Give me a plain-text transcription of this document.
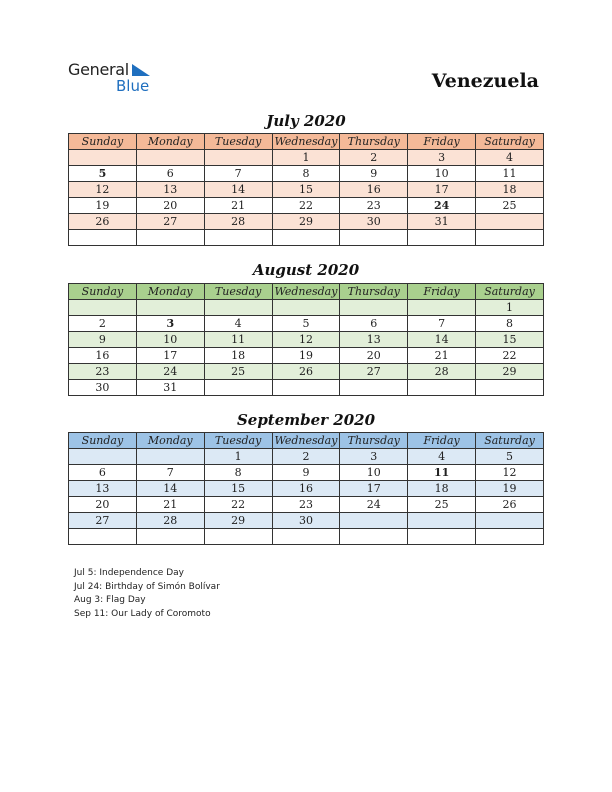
General
Blue	Venezuela
July 2020
Sunday	Monday	Tuesday	Wednesday	Thursday	Friday	Saturday
			1	2	3	4
5	6	7	8	9	10	11
12	13	14	15	16	17	18
19	20	21	22	23	24	25
26	27	28	29	30	31	

August 2020
Sunday	Monday	Tuesday	Wednesday	Thursday	Friday	Saturday
						1
2	3	4	5	6	7	8
9	10	11	12	13	14	15
16	17	18	19	20	21	22
23	24	25	26	27	28	29
30	31					
September 2020
Sunday	Monday	Tuesday	Wednesday	Thursday	Friday	Saturday
		1	2	3	4	5
6	7	8	9	10	11	12
13	14	15	16	17	18	19
20	21	22	23	24	25	26
27	28	29	30			

Jul 5: Independence Day
Jul 24: Birthday of Simón Bolívar
Aug 3: Flag Day
Sep 11: Our Lady of Coromoto
